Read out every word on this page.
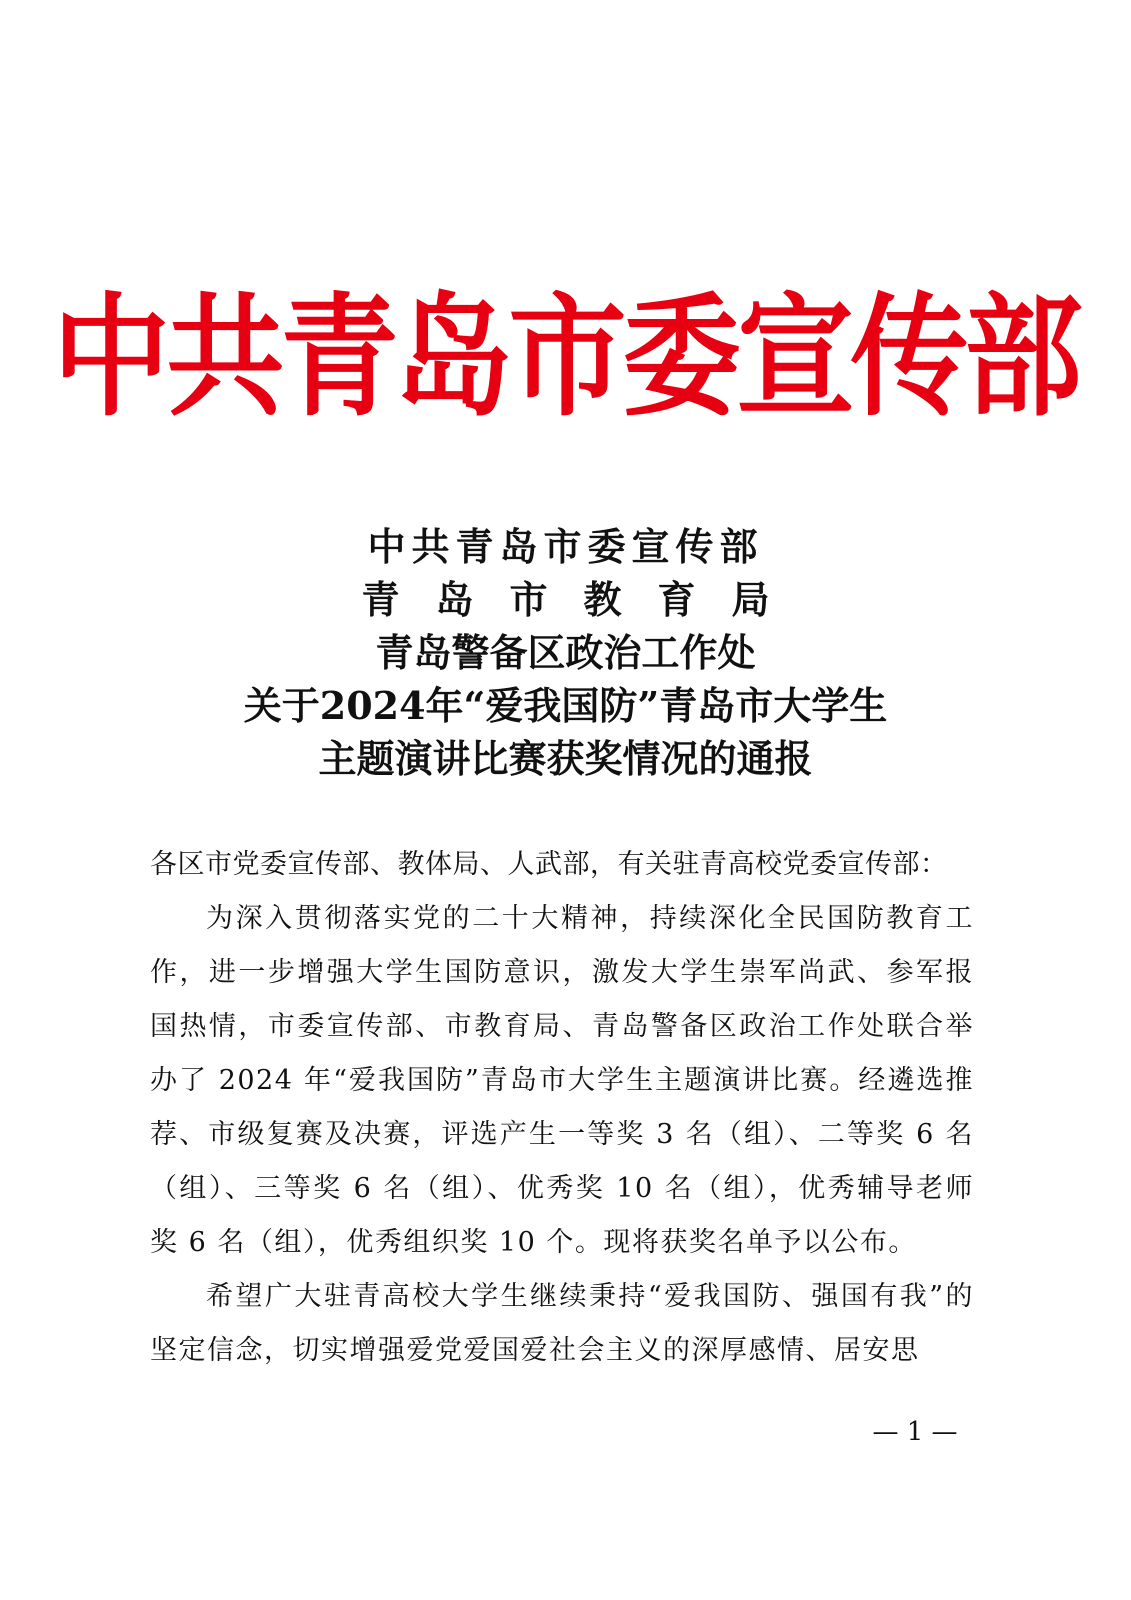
中共青岛市委宣传部
中共青岛市委宣传部
青岛市教育局
青岛警备区政治工作处
关于2024年“爱我国防”青岛市大学生
主题演讲比赛获奖情况的通报

各区市党委宣传部、教体局、人武部，有关驻青高校党委宣传部：

为深入贯彻落实党的二十大精神，持续深化全民国防教育工作，进一步增强大学生国防意识，激发大学生崇军尚武、参军报国热情，市委宣传部、市教育局、青岛警备区政治工作处联合举办了 2024 年“爱我国防”青岛市大学生主题演讲比赛。经遴选推荐、市级复赛及决赛，评选产生一等奖 3 名（组）、二等奖 6 名（组）、三等奖 6 名（组）、优秀奖 10 名（组），优秀辅导老师奖 6 名（组），优秀组织奖 10 个。现将获奖名单予以公布。

希望广大驻青高校大学生继续秉持“爱我国防、强国有我”的坚定信念，切实增强爱党爱国爱社会主义的深厚感情、居安思

— 1 —
